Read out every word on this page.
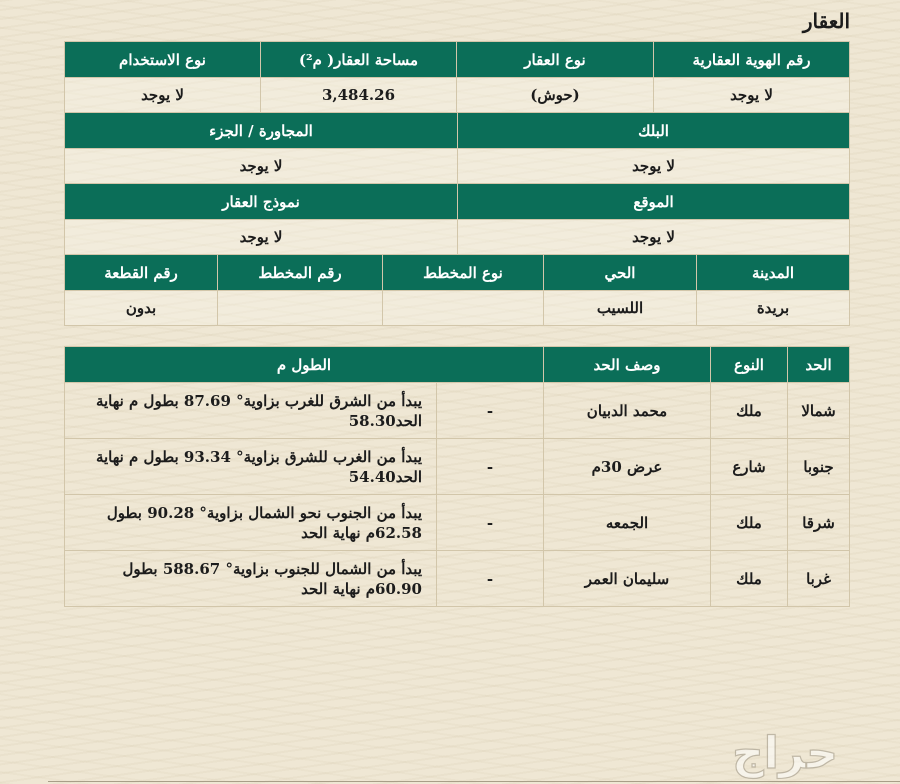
العقار
رقم الهوية العقارية	نوع العقار	مساحة العقار( م²)	نوع الاستخدام
لا يوجد	(حوش)	3,484.26	لا يوجد
البلك	المجاورة / الجزء
لا يوجد	لا يوجد
الموقع	نموذج العقار
لا يوجد	لا يوجد
المدينة	الحي	نوع المخطط	رقم المخطط	رقم القطعة
بريدة	اللسيب			بدون
الحد	النوع	وصف الحد	الطول م	
شمالا	ملك	محمد الدبيان	-	يبدأ من الشرق للغرب بزاوية° 87.69 بطول م نهاية الحد58.30
جنوبا	شارع	عرض 30م	-	يبدأ من الغرب للشرق بزاوية° 93.34 بطول م نهاية الحد54.40
شرقا	ملك	الجمعه	-	يبدأ من الجنوب نحو الشمال بزاوية° 90.28 بطول 62.58م نهاية الحد
غربا	ملك	سليمان العمر	-	يبدأ من الشمال للجنوب بزاوية° 588.67 بطول 60.90م نهاية الحد
حراج
